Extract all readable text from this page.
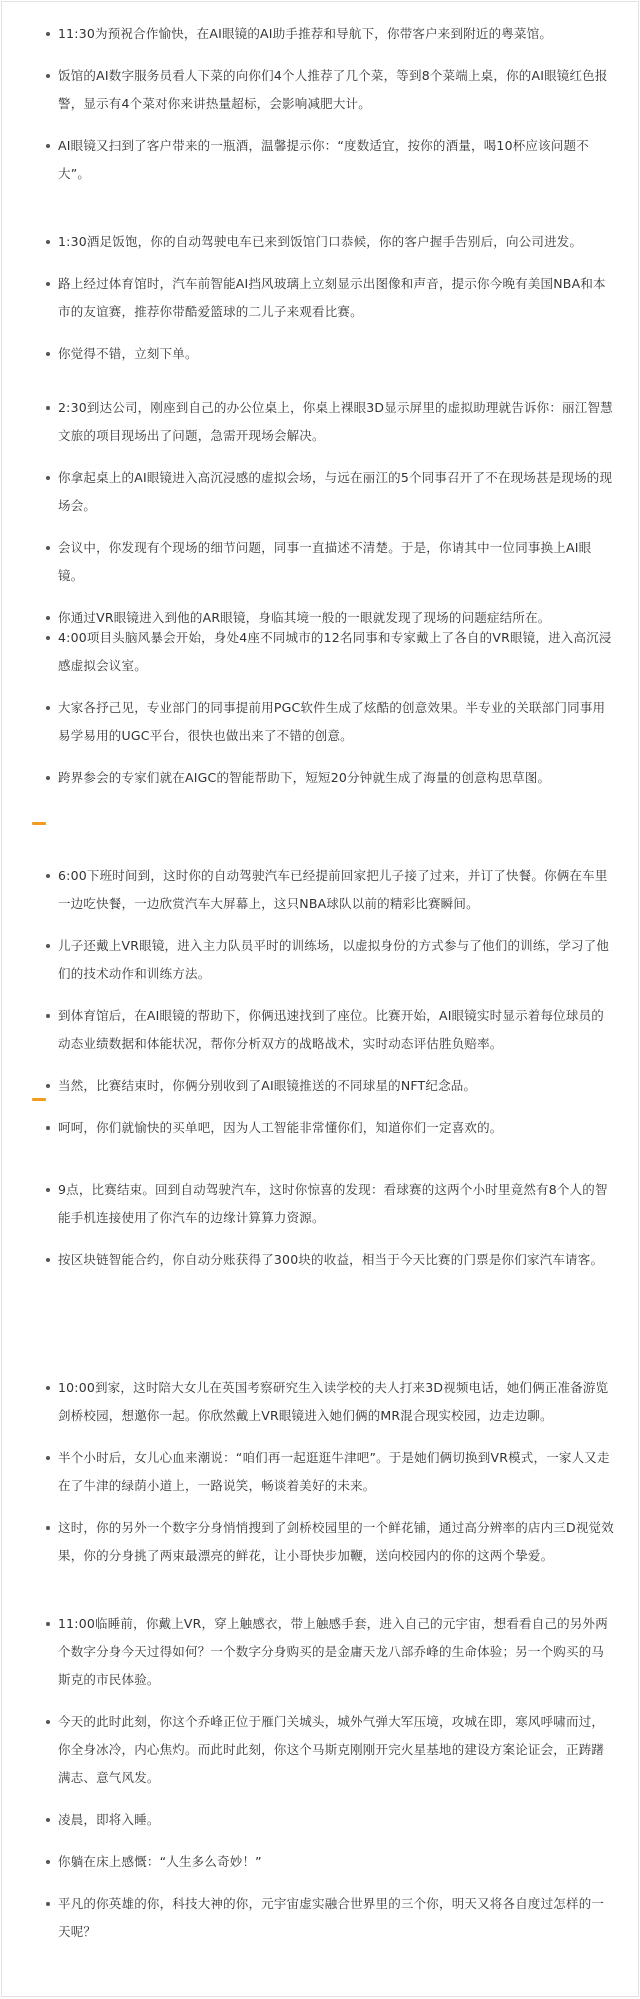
11:30为预祝合作愉快，在AI眼镜的AI助手推荐和导航下，你带客户来到附近的粤菜馆。
饭馆的AI数字服务员看人下菜的向你们4个人推荐了几个菜，等到8个菜端上桌，你的AI眼镜红色报警，显示有4个菜对你来讲热量超标，会影响减肥大计。
AI眼镜又扫到了客户带来的一瓶酒，温馨提示你：“度数适宜，按你的酒量，喝10杯应该问题不大”。
1:30酒足饭饱，你的自动驾驶电车已来到饭馆门口恭候，你的客户握手告别后，向公司进发。
路上经过体育馆时，汽车前智能AI挡风玻璃上立刻显示出图像和声音，提示你今晚有美国NBA和本市的友谊赛，推荐你带酷爱篮球的二儿子来观看比赛。
你觉得不错，立刻下单。
2:30到达公司，刚座到自己的办公位桌上，你桌上裸眼3D显示屏里的虚拟助理就告诉你：丽江智慧文旅的项目现场出了问题，急需开现场会解决。
你拿起桌上的AI眼镜进入高沉浸感的虚拟会场，与远在丽江的5个同事召开了不在现场甚是现场的现场会。
会议中，你发现有个现场的细节问题，同事一直描述不清楚。于是，你请其中一位同事换上AI眼镜。
你通过VR眼镜进入到他的AR眼镜，身临其境一般的一眼就发现了现场的问题症结所在。
4:00项目头脑风暴会开始，身处4座不同城市的12名同事和专家戴上了各自的VR眼镜，进入高沉浸感虚拟会议室。
大家各抒己见，专业部门的同事提前用PGC软件生成了炫酷的创意效果。半专业的关联部门同事用易学易用的UGC平台，很快也做出来了不错的创意。
跨界参会的专家们就在AIGC的智能帮助下，短短20分钟就生成了海量的创意构思草图。
6:00下班时间到，这时你的自动驾驶汽车已经提前回家把儿子接了过来，并订了快餐。你俩在车里一边吃快餐，一边欣赏汽车大屏幕上，这只NBA球队以前的精彩比赛瞬间。
儿子还戴上VR眼镜，进入主力队员平时的训练场，以虚拟身份的方式参与了他们的训练，学习了他们的技术动作和训练方法。
到体育馆后，在AI眼镜的帮助下，你俩迅速找到了座位。比赛开始，AI眼镜实时显示着每位球员的动态业绩数据和体能状况，帮你分析双方的战略战术，实时动态评估胜负赔率。
当然，比赛结束时，你俩分别收到了AI眼镜推送的不同球星的NFT纪念品。
呵呵，你们就愉快的买单吧，因为人工智能非常懂你们，知道你们一定喜欢的。
9点，比赛结束。回到自动驾驶汽车，这时你惊喜的发现：看球赛的这两个小时里竟然有8个人的智能手机连接使用了你汽车的边缘计算算力资源。
按区块链智能合约，你自动分账获得了300块的收益，相当于今天比赛的门票是你们家汽车请客。
10:00到家，这时陪大女儿在英国考察研究生入读学校的夫人打来3D视频电话，她们俩正准备游览剑桥校园，想邀你一起。你欣然戴上VR眼镜进入她们俩的MR混合现实校园，边走边聊。
半个小时后，女儿心血来潮说：“咱们再一起逛逛牛津吧”。于是她们俩切换到VR模式，一家人又走在了牛津的绿荫小道上，一路说笑，畅谈着美好的未来。
这时，你的另外一个数字分身悄悄搜到了剑桥校园里的一个鲜花铺，通过高分辨率的店内三D视觉效果，你的分身挑了两束最漂亮的鲜花，让小哥快步加鞭，送向校园内的你的这两个挚爱。
11:00临睡前，你戴上VR，穿上触感衣，带上触感手套，进入自己的元宇宙，想看看自己的另外两个数字分身今天过得如何？一个数字分身购买的是金庸天龙八部乔峰的生命体验；另一个购买的马斯克的市民体验。
今天的此时此刻，你这个乔峰正位于雁门关城头，城外气弹大军压境，攻城在即，寒风呼啸而过，你全身冰冷，内心焦灼。而此时此刻，你这个马斯克刚刚开完火星基地的建设方案论证会，正踌躇满志、意气风发。
凌晨，即将入睡。
你躺在床上感慨：“人生多么奇妙！”
平凡的你英雄的你，科技大神的你，元宇宙虚实融合世界里的三个你，明天又将各自度过怎样的一天呢？
